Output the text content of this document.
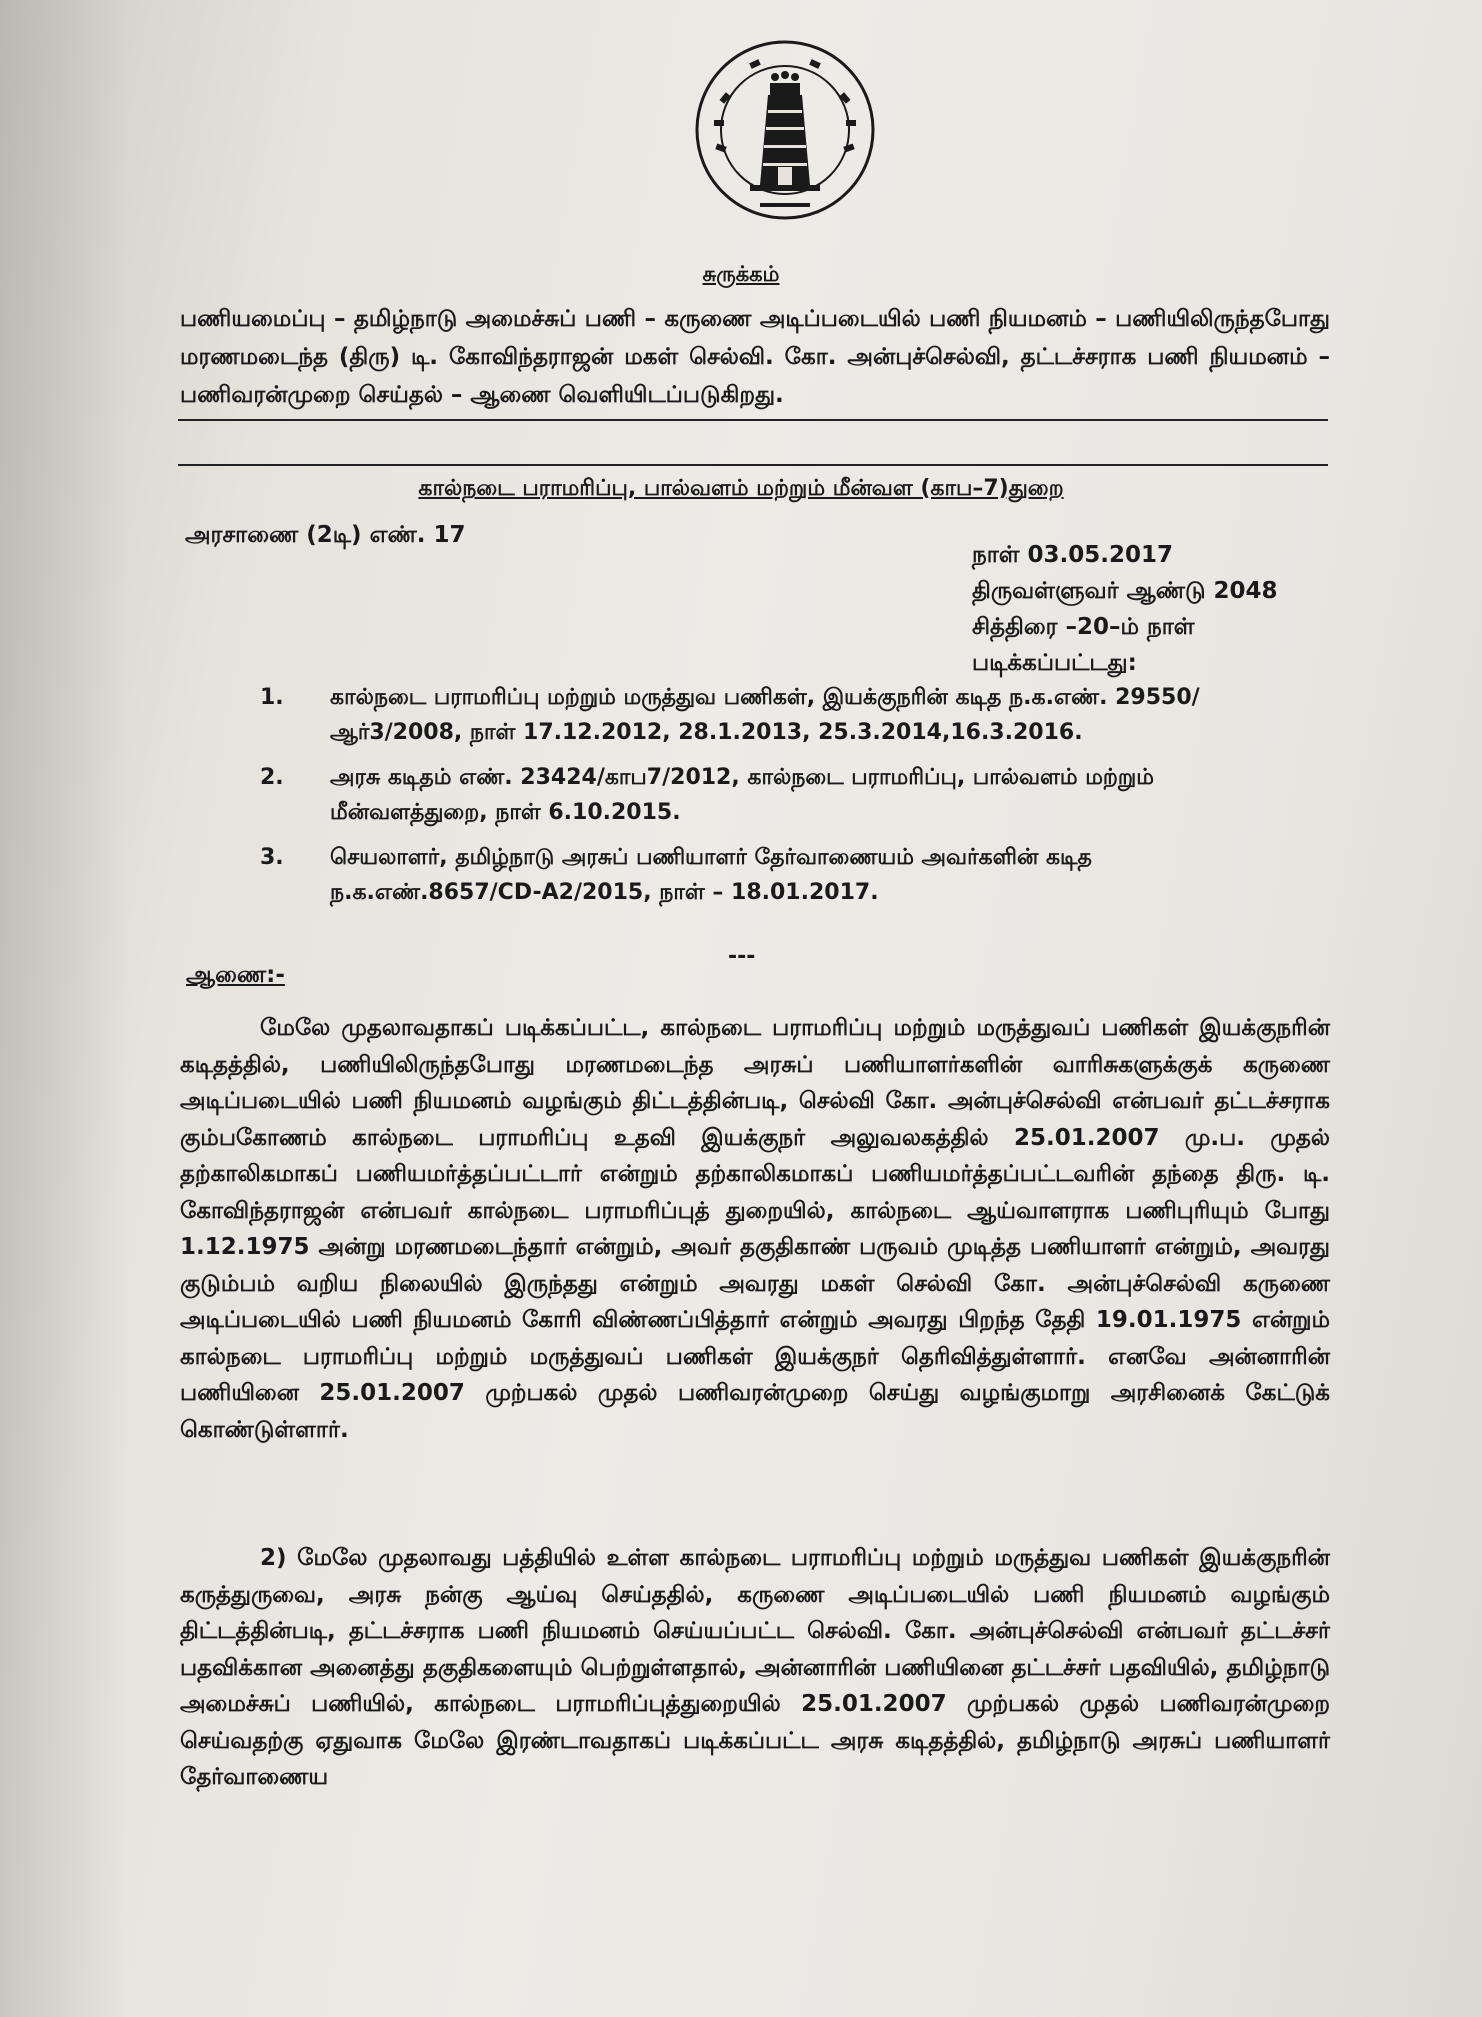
சுருக்கம்
பணியமைப்பு – தமிழ்நாடு அமைச்சுப் பணி – கருணை அடிப்படையில் பணி நியமனம் – பணியிலிருந்தபோது மரணமடைந்த (திரு) டி. கோவிந்தராஜன் மகள் செல்வி. கோ. அன்புச்செல்வி, தட்டச்சராக பணி நியமனம் – பணிவரன்முறை செய்தல் – ஆணை வெளியிடப்படுகிறது.
கால்நடை பராமரிப்பு, பால்வளம் மற்றும் மீன்வள (காப–7)துறை
அரசாணை (2டி) எண். 17
நாள் 03.05.2017
திருவள்ளுவர் ஆண்டு 2048
சித்திரை –20–ம் நாள்
படிக்கப்பட்டது:
1.	கால்நடை பராமரிப்பு மற்றும் மருத்துவ பணிகள், இயக்குநரின் கடித ந.க.எண். 29550/ஆர்3/2008, நாள் 17.12.2012, 28.1.2013, 25.3.2014,16.3.2016.
2.	அரசு கடிதம் எண். 23424/காப7/2012, கால்நடை பராமரிப்பு, பால்வளம் மற்றும் மீன்வளத்துறை, நாள் 6.10.2015.
3.	செயலாளர், தமிழ்நாடு அரசுப் பணியாளர் தேர்வாணையம் அவர்களின் கடித ந.க.எண்.8657/CD-A2/2015, நாள் – 18.01.2017.
---
ஆணை:-
மேலே முதலாவதாகப் படிக்கப்பட்ட, கால்நடை பராமரிப்பு மற்றும் மருத்துவப் பணிகள் இயக்குநரின் கடிதத்தில், பணியிலிருந்தபோது மரணமடைந்த அரசுப் பணியாளர்களின் வாரிசுகளுக்குக் கருணை அடிப்படையில் பணி நியமனம் வழங்கும் திட்டத்தின்படி, செல்வி கோ. அன்புச்செல்வி என்பவர் தட்டச்சராக கும்பகோணம் கால்நடை பராமரிப்பு உதவி இயக்குநர் அலுவலகத்தில் 25.01.2007 மு.ப. முதல் தற்காலிகமாகப் பணியமர்த்தப்பட்டார் என்றும் தற்காலிகமாகப் பணியமர்த்தப்பட்டவரின் தந்தை திரு. டி. கோவிந்தராஜன் என்பவர் கால்நடை பராமரிப்புத் துறையில், கால்நடை ஆய்வாளராக பணிபுரியும் போது 1.12.1975 அன்று மரணமடைந்தார் என்றும், அவர் தகுதிகாண் பருவம் முடித்த பணியாளர் என்றும், அவரது குடும்பம் வறிய நிலையில் இருந்தது என்றும் அவரது மகள் செல்வி கோ. அன்புச்செல்வி கருணை அடிப்படையில் பணி நியமனம் கோரி விண்ணப்பித்தார் என்றும் அவரது பிறந்த தேதி 19.01.1975 என்றும் கால்நடை பராமரிப்பு மற்றும் மருத்துவப் பணிகள் இயக்குநர் தெரிவித்துள்ளார். எனவே அன்னாரின் பணியினை 25.01.2007 முற்பகல் முதல் பணிவரன்முறை செய்து வழங்குமாறு அரசினைக் கேட்டுக் கொண்டுள்ளார்.
2) மேலே முதலாவது பத்தியில் உள்ள கால்நடை பராமரிப்பு மற்றும் மருத்துவ பணிகள் இயக்குநரின் கருத்துருவை, அரசு நன்கு ஆய்வு செய்ததில், கருணை அடிப்படையில் பணி நியமனம் வழங்கும் திட்டத்தின்படி, தட்டச்சராக பணி நியமனம் செய்யப்பட்ட செல்வி. கோ. அன்புச்செல்வி என்பவர் தட்டச்சர் பதவிக்கான அனைத்து தகுதிகளையும் பெற்றுள்ளதால், அன்னாரின் பணியினை தட்டச்சர் பதவியில், தமிழ்நாடு அமைச்சுப் பணியில், கால்நடை பராமரிப்புத்துறையில் 25.01.2007 முற்பகல் முதல் பணிவரன்முறை செய்வதற்கு ஏதுவாக மேலே இரண்டாவதாகப் படிக்கப்பட்ட அரசு கடிதத்தில், தமிழ்நாடு அரசுப் பணியாளர் தேர்வாணைய
